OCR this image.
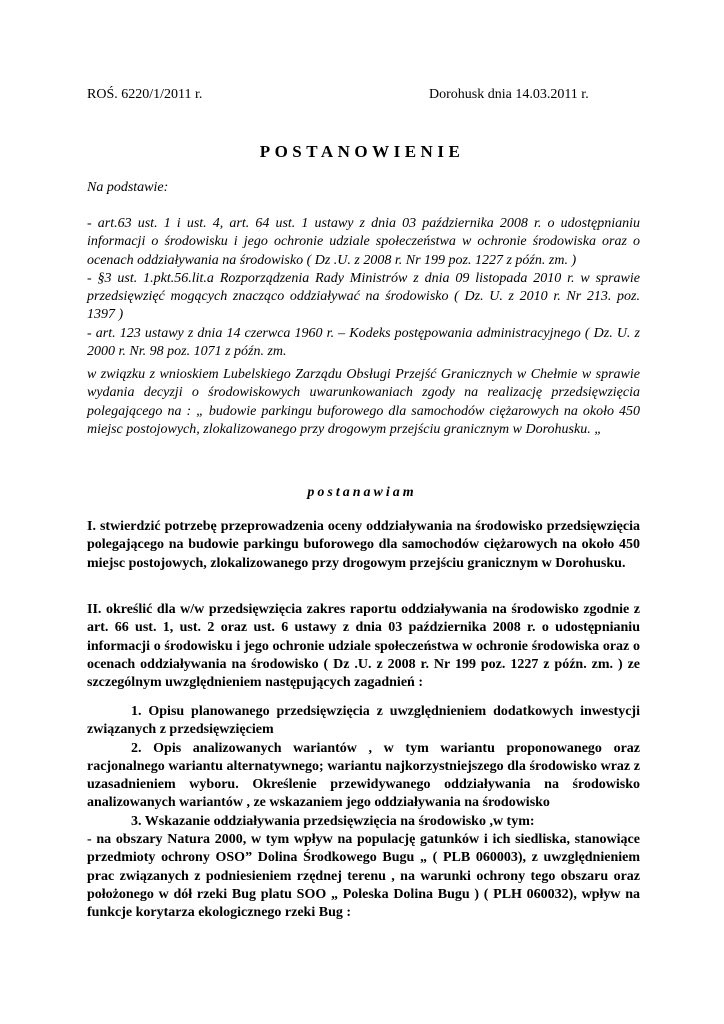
ROŚ. 6220/1/2011 r.	Dorohusk dnia 14.03.2011 r.
POSTANOWIENIE
Na podstawie:

- art.63 ust. 1 i ust. 4, art. 64 ust. 1 ustawy z dnia 03 października 2008 r. o udostępnianiu informacji o środowisku i jego ochronie udziale społeczeństwa w ochronie środowiska oraz o ocenach oddziaływania na środowisko ( Dz .U. z 2008 r. Nr 199 poz. 1227 z późn. zm. )

- §3 ust. 1.pkt.56.lit.a Rozporządzenia Rady Ministrów z dnia 09 listopada 2010 r. w sprawie przedsięwzięć mogących znacząco oddziaływać na środowisko ( Dz. U. z 2010 r. Nr 213. poz. 1397 )

- art. 123 ustawy z dnia 14 czerwca 1960 r. – Kodeks postępowania administracyjnego ( Dz. U. z 2000 r. Nr. 98 poz. 1071 z późn. zm.

w związku z wnioskiem Lubelskiego Zarządu Obsługi Przejść Granicznych w Chełmie w sprawie wydania decyzji o środowiskowych uwarunkowaniach zgody na realizację przedsięwzięcia polegającego na : „ budowie parkingu buforowego dla samochodów ciężarowych na około 450 miejsc postojowych, zlokalizowanego przy drogowym przejściu granicznym w Dorohusku. „
postanawiam
I. stwierdzić potrzebę przeprowadzenia oceny oddziaływania na środowisko przedsięwzięcia polegającego na budowie parkingu buforowego dla samochodów ciężarowych na około 450 miejsc postojowych, zlokalizowanego przy drogowym przejściu granicznym w Dorohusku.
II. określić dla w/w przedsięwzięcia zakres raportu oddziaływania na środowisko zgodnie z art. 66 ust. 1, ust. 2 oraz ust. 6 ustawy z dnia 03 października 2008 r. o udostępnianiu informacji o środowisku i jego ochronie udziale społeczeństwa w ochronie środowiska oraz o ocenach oddziaływania na środowisko ( Dz .U. z 2008 r. Nr 199 poz. 1227 z późn. zm. ) ze szczególnym uwzględnieniem następujących zagadnień :

1. Opisu planowanego przedsięwzięcia z uwzględnieniem dodatkowych inwestycji związanych z przedsięwzięciem

2. Opis analizowanych wariantów , w tym wariantu proponowanego oraz racjonalnego wariantu alternatywnego; wariantu najkorzystniejszego dla środowisko wraz z uzasadnieniem wyboru. Określenie przewidywanego oddziaływania na środowisko analizowanych wariantów , ze wskazaniem jego oddziaływania na środowisko

3. Wskazanie oddziaływania przedsięwzięcia na środowisko ,w tym:

- na obszary Natura 2000, w tym wpływ na populację gatunków i ich siedliska, stanowiące przedmioty ochrony OSO” Dolina Środkowego Bugu „ ( PLB 060003), z uwzględnieniem prac związanych z podniesieniem rzędnej terenu , na warunki ochrony tego obszaru oraz położonego w dół rzeki Bug platu SOO „ Poleska Dolina Bugu ) ( PLH 060032), wpływ na funkcje korytarza ekologicznego rzeki Bug :
